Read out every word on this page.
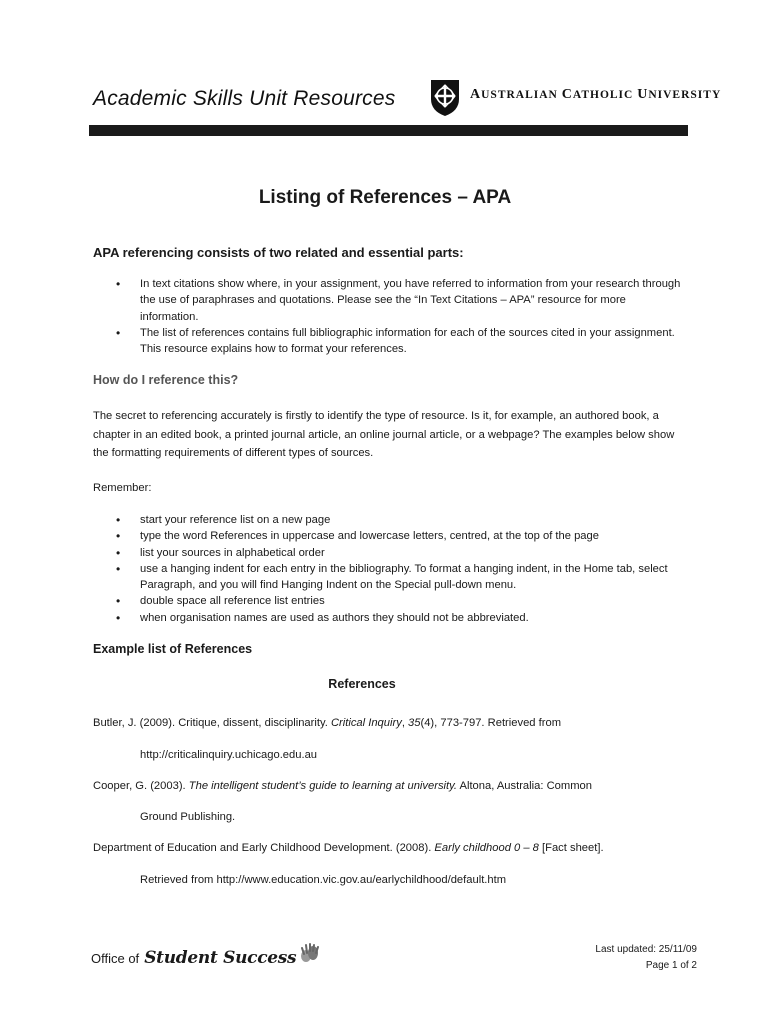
Academic Skills Unit Resources	AUSTRALIAN CATHOLIC UNIVERSITY
Listing of References – APA
APA referencing consists of two related and essential parts:
• In text citations show where, in your assignment, you have referred to information from your research through the use of paraphrases and quotations. Please see the “In Text Citations – APA” resource for more information.
• The list of references contains full bibliographic information for each of the sources cited in your assignment. This resource explains how to format your references.
How do I reference this?
The secret to referencing accurately is firstly to identify the type of resource. Is it, for example, an authored book, a chapter in an edited book, a printed journal article, an online journal article, or a webpage? The examples below show the formatting requirements of different types of sources.
Remember:
• start your reference list on a new page
• type the word References in uppercase and lowercase letters, centred, at the top of the page
• list your sources in alphabetical order
• use a hanging indent for each entry in the bibliography. To format a hanging indent, in the Home tab, select Paragraph, and you will find Hanging Indent on the Special pull-down menu.
• double space all reference list entries
• when organisation names are used as authors they should not be abbreviated.
Example list of References
References
Butler, J. (2009). Critique, dissent, disciplinarity. Critical Inquiry, 35(4), 773-797. Retrieved from
http://criticalinquiry.uchicago.edu.au
Cooper, G. (2003). The intelligent student’s guide to learning at university. Altona, Australia: Common
Ground Publishing.
Department of Education and Early Childhood Development. (2008). Early childhood 0 – 8 [Fact sheet].
Retrieved from http://www.education.vic.gov.au/earlychildhood/default.htm
Office of Student Success	Last updated: 25/11/09
Page 1 of 2
